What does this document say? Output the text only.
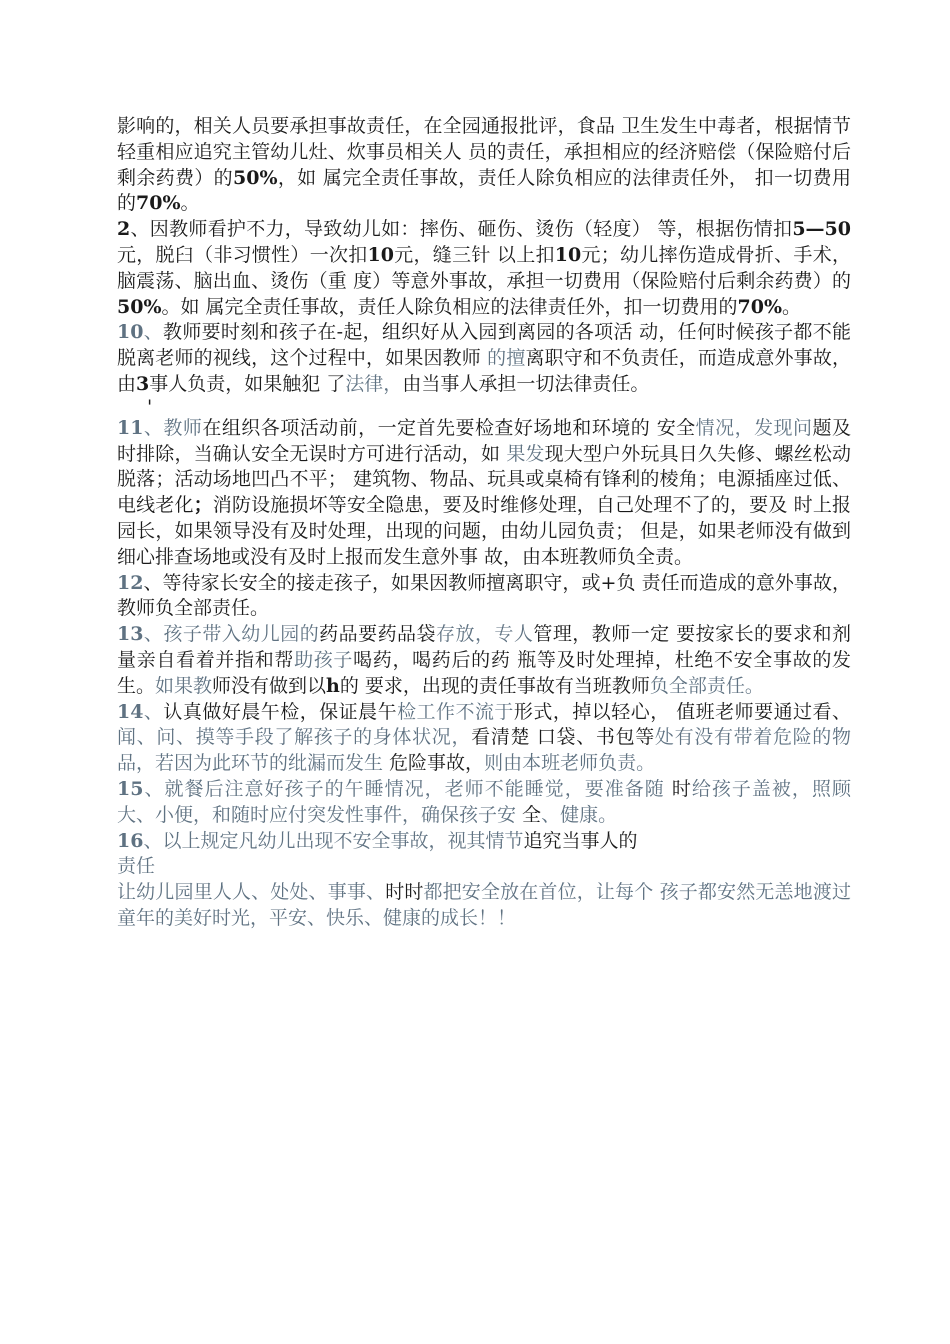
影响的，相关人员要承担事故责任，在全园通报批评，食品 卫生发生中毒者，根据情节轻重相应追究主管幼儿灶、炊事员相关人 员的责任，承担相应的经济赔偿（保险赔付后剩余药费）的50%，如 属完全责任事故，责任人除负相应的法律责任外， 扣一切费用的70%。

2、因教师看护不力，导致幼儿如：摔伤、砸伤、烫伤（轻度） 等，根据伤情扣5—50元，脱臼（非习惯性）一次扣10元，缝三针 以上扣10元；幼儿摔伤造成骨折、手术，脑震荡、脑出血、烫伤（重 度）等意外事故，承担一切费用（保险赔付后剩余药费）的50%。如 属完全责任事故，责任人除负相应的法律责任外，扣一切费用的70%。

10、教师要时刻和孩子在-起，组织好从入园到离园的各项活 动，任何时候孩子都不能脱离老师的视线，这个过程中，如果因教师 的擅离职守和不负责任，而造成意外事故，由3事人负责，如果触犯 了法律，由当事人承担一切法律责任。

'

11、教师在组织各项活动前，一定首先要检查好场地和环境的 安全情况，发现问题及时排除，当确认安全无误时方可进行活动，如 果发现大型户外玩具日久失修、螺丝松动脱落；活动场地凹凸不平； 建筑物、物品、玩具或桌椅有锋利的棱角；电源插座过低、电线老化；消防设施损坏等安全隐患，要及时维修处理，自己处理不了的，要及 时上报园长，如果领导没有及时处理，出现的问题，由幼儿园负责； 但是，如果老师没有做到细心排查场地或没有及时上报而发生意外事 故，由本班教师负全责。

12、等待家长安全的接走孩子，如果因教师擅离职守，或+负 责任而造成的意外事故，教师负全部责任。

13、孩子带入幼儿园的药品要药品袋存放，专人管理，教师一定 要按家长的要求和剂量亲自看着并指和帮助孩子喝药，喝药后的药 瓶等及时处理掉，杜绝不安全事故的发生。如果教师没有做到以h的 要求，出现的责任事故有当班教师负全部责任。

14、认真做好晨午检，保证晨午检工作不流于形式，掉以轻心， 值班老师要通过看、闻、问、摸等手段了解孩子的身体状况，看清楚 口袋、书包等处有没有带着危险的物品，若因为此环节的纰漏而发生 危险事故，则由本班老师负责。

15、就餐后注意好孩子的午睡情况，老师不能睡觉，要准备随 时给孩子盖被，照顾大、小便，和随时应付突发性事件，确保孩子安 全、健康。

16、以上规定凡幼儿出现不安全事故，视其情节追究当事人的

责任

让幼儿园里人人、处处、事事、时时都把安全放在首位，让每个 孩子都安然无恙地渡过童年的美好时光，平安、快乐、健康的成长！！
